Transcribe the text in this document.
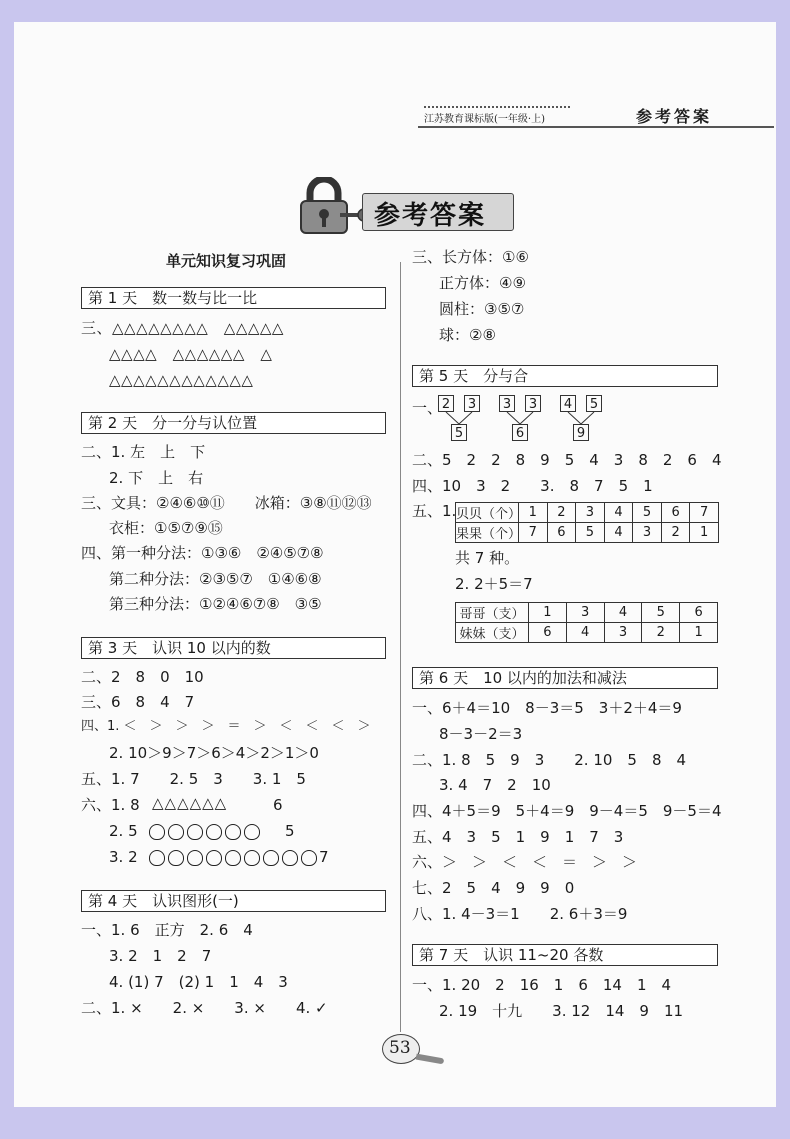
江苏教育课标版(一年级·上)	参考答案
参考答案
单元知识复习巩固
第 1 天　数一数与比一比
三、△△△△△△△△　△△△△△
△△△△　△△△△△△　△
△△△△△△△△△△△△
第 2 天　分一分与认位置
二、1. 左　上　下
2. 下　上　右
三、文具：②④⑥⑩⑪　　冰箱：③⑧⑪⑫⑬
衣柜：①⑤⑦⑨⑮
四、第一种分法：①③⑥　②④⑤⑦⑧
第二种分法：②③⑤⑦　①④⑥⑧
第三种分法：①②④⑥⑦⑧　③⑤
第 3 天　认识 10 以内的数
二、2　8　0　10
三、6　8　4　7
四、1. ＜　＞　＞　＞　＝　＞　＜　＜　＜　＞
2. 10＞9＞7＞6＞4＞2＞1＞0
五、1. 7　　2. 5　3　　3. 1　5
六、1. 8 △△△△△△	6
2. 5	5
3. 2	7
第 4 天　认识图形(一)
一、1. 6　正方　2. 6　4
3. 2　1　2　7
4. (1) 7　(2) 1　1　4　3
二、1. ×　　2. ×　　3. ×　　4. ✓
三、长方体：①⑥
正方体：④⑨
圆柱：③⑤⑦
球：②⑧
第 5 天　分与合
一、 2 3 3 3 4 5
5	6	9
二、5　2　2　8　9　5　4　3　8　2　6　4
四、10　3　2　　3.　8　7　5　1
五、1. 贝贝（个）	1	2	3	4	5	6	7
果果（个）	7	6	5	4	3	2	1
共 7 种。
2. 2＋5＝7
哥哥（支）	1	3	4	5	6
妹妹（支）	6	4	3	2	1
第 6 天　10 以内的加法和减法
一、6＋4＝10　8－3＝5　3＋2＋4＝9
8－3－2＝3
二、1. 8　5　9　3　　2. 10　5　8　4
3. 4　7　2　10
四、4＋5＝9　5＋4＝9　9－4＝5　9－5＝4
五、4　3　5　1　9　1　7　3
六、＞　＞　＜　＜　＝　＞　＞
七、2　5　4　9　9　0
八、1. 4－3＝1　　2. 6＋3＝9
第 7 天　认识 11~20 各数
一、1. 20　2　16　1　6　14　1　4
2. 19　十九　　3. 12　14　9　11
53
